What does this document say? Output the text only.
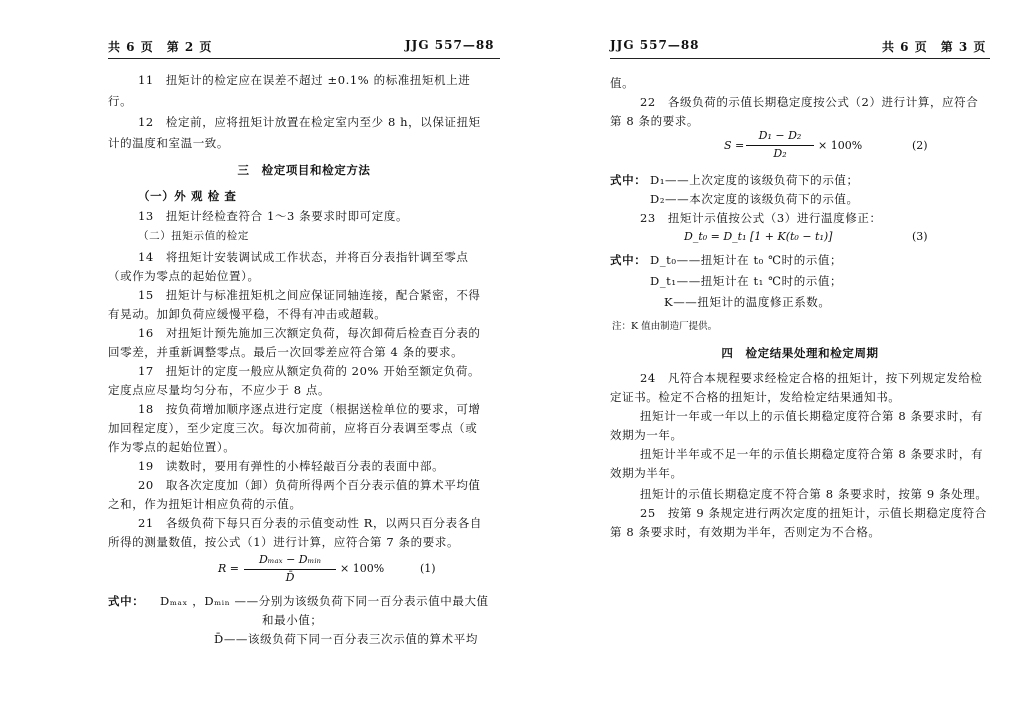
共 6 页　第 2 页	JJG 557—88
11　扭矩计的检定应在误差不超过 ±0.1% 的标准扭矩机上进
行。
12　检定前，应将扭矩计放置在检定室内至少 8 h，以保证扭矩
计的温度和室温一致。
三　检定项目和检定方法
（一）外 观 检 查
13　扭矩计经检查符合 1～3 条要求时即可定度。
（二）扭矩示值的检定
14　将扭矩计安装调试成工作状态，并将百分表指针调至零点
（或作为零点的起始位置）。
15　扭矩计与标准扭矩机之间应保证同轴连接，配合紧密，不得
有晃动。加卸负荷应缓慢平稳，不得有冲击或超载。
16　对扭矩计预先施加三次额定负荷，每次卸荷后检查百分表的
回零差，并重新调整零点。最后一次回零差应符合第 4 条的要求。
17　扭矩计的定度一般应从额定负荷的 20% 开始至额定负荷。
定度点应尽量均匀分布，不应少于 8 点。
18　按负荷增加顺序逐点进行定度（根据送检单位的要求，可增
加回程定度），至少定度三次。每次加荷前，应将百分表调至零点（或
作为零点的起始位置）。
19　读数时，要用有弹性的小棒轻敲百分表的表面中部。
20　取各次定度加（卸）负荷所得两个百分表示值的算术平均值
之和，作为扭矩计相应负荷的示值。
21　各级负荷下每只百分表的示值变动性 R，以两只百分表各自
所得的测量数值，按公式（1）进行计算，应符合第 7 条的要求。
R =
Dₘₐₓ − Dₘᵢₙ
D̄
× 100%	(1)
式中： Dₘₐₓ ，Dₘᵢₙ ——分别为该级负荷下同一百分表示值中最大值
和最小值；
D̄——该级负荷下同一百分表三次示值的算术平均
JJG 557—88	共 6 页　第 3 页
值。
22　各级负荷的示值长期稳定度按公式（2）进行计算，应符合
第 8 条的要求。
S =
D₁ − D₂
D₂
× 100%	(2)
式中： D₁——上次定度的该级负荷下的示值；
D₂——本次定度的该级负荷下的示值。
23　扭矩计示值按公式（3）进行温度修正：
D_t₀ = D_t₁ [1 + K(t₀ − t₁)]	(3)
式中： D_t₀——扭矩计在 t₀ ℃时的示值；
D_t₁——扭矩计在 t₁ ℃时的示值；
K——扭矩计的温度修正系数。
注：K 值由制造厂提供。
四　检定结果处理和检定周期
24　凡符合本规程要求经检定合格的扭矩计，按下列规定发给检
定证书。检定不合格的扭矩计，发给检定结果通知书。
扭矩计一年或一年以上的示值长期稳定度符合第 8 条要求时，有
效期为一年。
扭矩计半年或不足一年的示值长期稳定度符合第 8 条要求时，有
效期为半年。
扭矩计的示值长期稳定度不符合第 8 条要求时，按第 9 条处理。
25　按第 9 条规定进行两次定度的扭矩计，示值长期稳定度符合
第 8 条要求时，有效期为半年，否则定为不合格。
